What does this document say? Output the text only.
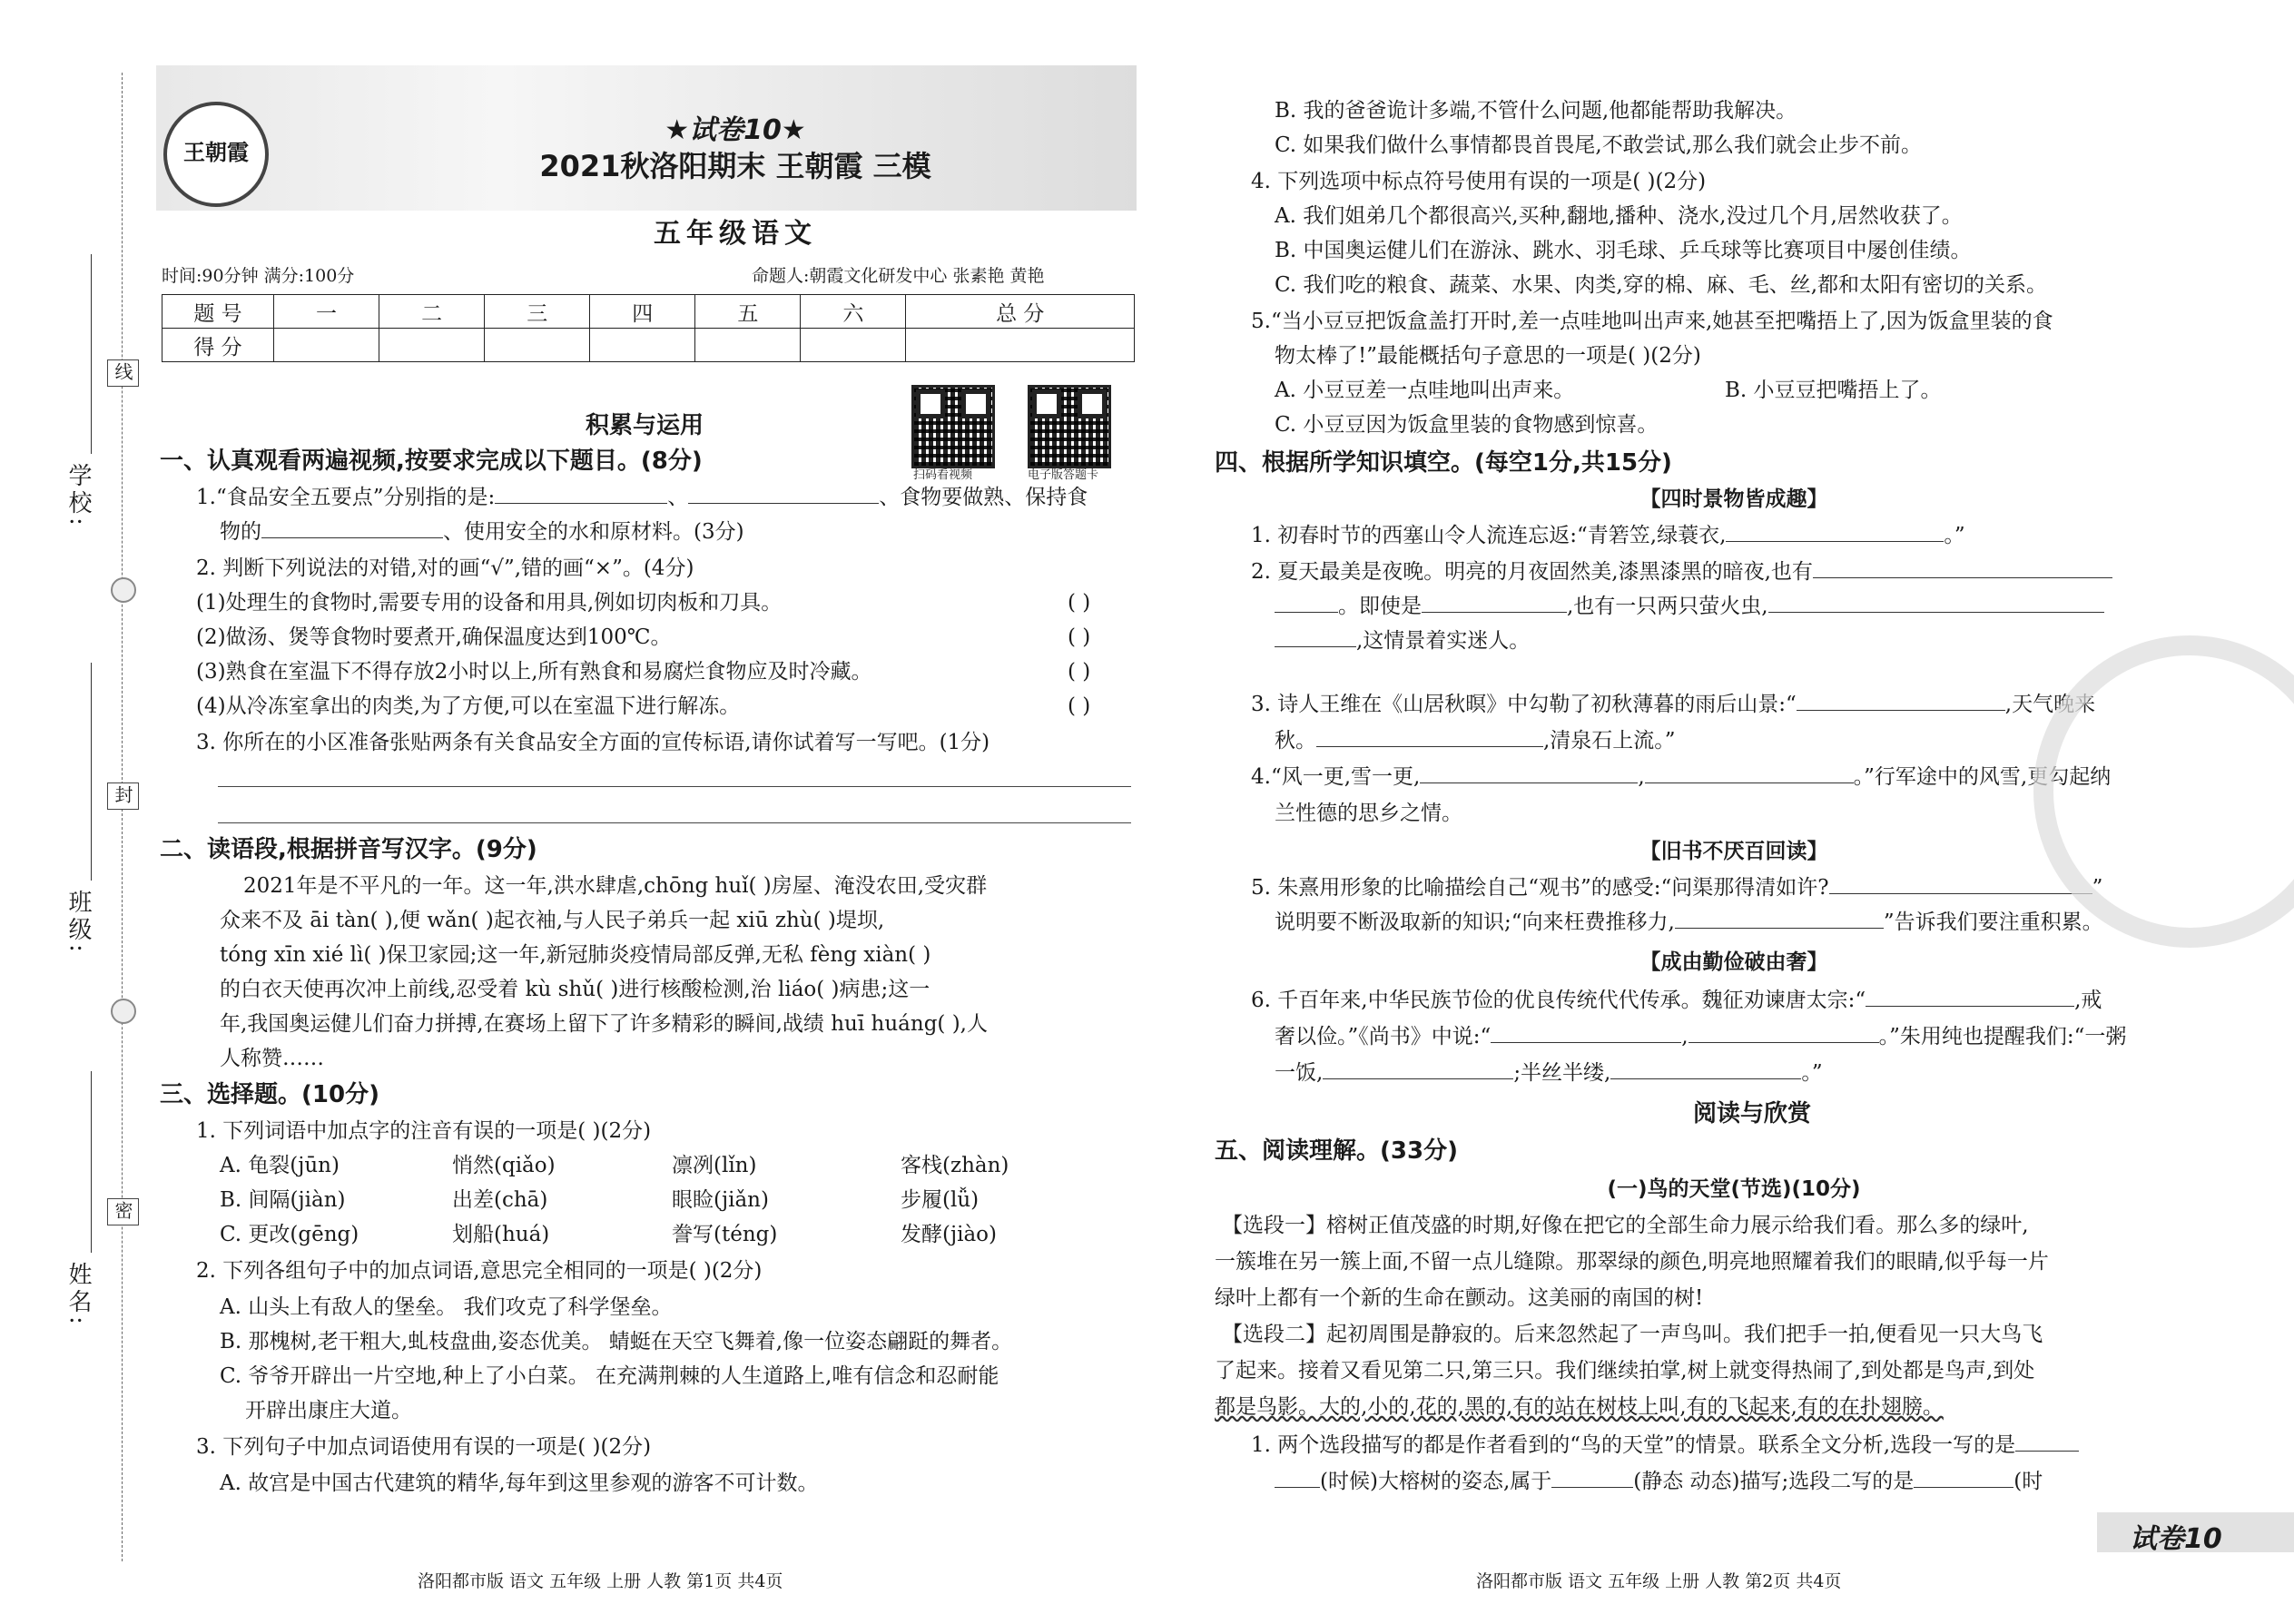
线
封
密
学校:
班级:
姓名:
王朝霞
★试卷10★
2021秋洛阳期末 王朝霞 三模
五年级语文
时间:90分钟 满分:100分	命题人:朝霞文化研发中心 张素艳 黄艳
题 号	一	二	三	四	五	六	总 分
得 分							
扫码看视频	电子版答题卡
积累与运用
一、认真观看两遍视频,按要求完成以下题目。(8分)
1.“食品安全五要点”分别指的是:	、	、食物要做熟、保持食
物的	、使用安全的水和原材料。(3分)
2. 判断下列说法的对错,对的画“√”,错的画“×”。(4分)
(1)处理生的食物时,需要专用的设备和用具,例如切肉板和刀具。	( )
(2)做汤、煲等食物时要煮开,确保温度达到100℃。	( )
(3)熟食在室温下不得存放2小时以上,所有熟食和易腐烂食物应及时冷藏。	( )
(4)从冷冻室拿出的肉类,为了方便,可以在室温下进行解冻。	( )
3. 你所在的小区准备张贴两条有关食品安全方面的宣传标语,请你试着写一写吧。(1分)
二、读语段,根据拼音写汉字。(9分)
2021年是不平凡的一年。这一年,洪水肆虐,chōng huǐ( )房屋、淹没农田,受灾群
众来不及 āi tàn( ),便 wǎn( )起衣袖,与人民子弟兵一起 xiū zhù( )堤坝,
tóng xīn xié lì( )保卫家园;这一年,新冠肺炎疫情局部反弹,无私 fèng xiàn( )
的白衣天使再次冲上前线,忍受着 kù shǔ( )进行核酸检测,治 liáo( )病患;这一
年,我国奥运健儿们奋力拼搏,在赛场上留下了许多精彩的瞬间,战绩 huī huáng( ),人
人称赞……
三、选择题。(10分)
1. 下列词语中加点字的注音有误的一项是( )(2分)
A. 龟裂(jūn)	悄然(qiǎo)	凛冽(lǐn)	客栈(zhàn)
B. 间隔(jiàn)	出差(chā)	眼睑(jiǎn)	步履(lǚ)
C. 更改(gēng)	划船(huá)	誊写(téng)	发酵(jiào)
2. 下列各组句子中的加点词语,意思完全相同的一项是( )(2分)
A. 山头上有敌人的堡垒。 我们攻克了科学堡垒。
B. 那槐树,老干粗大,虬枝盘曲,姿态优美。 蜻蜓在天空飞舞着,像一位姿态翩跹的舞者。
C. 爷爷开辟出一片空地,种上了小白菜。 在充满荆棘的人生道路上,唯有信念和忍耐能
开辟出康庄大道。
3. 下列句子中加点词语使用有误的一项是( )(2分)
A. 故宫是中国古代建筑的精华,每年到这里参观的游客不可计数。
洛阳都市版 语文 五年级 上册 人教 第1页 共4页
B. 我的爸爸诡计多端,不管什么问题,他都能帮助我解决。
C. 如果我们做什么事情都畏首畏尾,不敢尝试,那么我们就会止步不前。
4. 下列选项中标点符号使用有误的一项是( )(2分)
A. 我们姐弟几个都很高兴,买种,翻地,播种、浇水,没过几个月,居然收获了。
B. 中国奥运健儿们在游泳、跳水、羽毛球、乒乓球等比赛项目中屡创佳绩。
C. 我们吃的粮食、蔬菜、水果、肉类,穿的棉、麻、毛、丝,都和太阳有密切的关系。
5.“当小豆豆把饭盒盖打开时,差一点哇地叫出声来,她甚至把嘴捂上了,因为饭盒里装的食
物太棒了!”最能概括句子意思的一项是( )(2分)
A. 小豆豆差一点哇地叫出声来。	B. 小豆豆把嘴捂上了。
C. 小豆豆因为饭盒里装的食物感到惊喜。
四、根据所学知识填空。(每空1分,共15分)
【四时景物皆成趣】
1. 初春时节的西塞山令人流连忘返:“青箬笠,绿蓑衣,	。”
2. 夏天最美是夜晚。明亮的月夜固然美,漆黑漆黑的暗夜,也有
。即使是	,也有一只两只萤火虫,
,这情景着实迷人。
3. 诗人王维在《山居秋暝》中勾勒了初秋薄暮的雨后山景:“	,天气晚来
秋。	,清泉石上流。”
4.“风一更,雪一更,	,	。”行军途中的风雪,更勾起纳
兰性德的思乡之情。
【旧书不厌百回读】
5. 朱熹用形象的比喻描绘自己“观书”的感受:“问渠那得清如许?	”
说明要不断汲取新的知识;“向来枉费推移力,	”告诉我们要注重积累。
【成由勤俭破由奢】
6. 千百年来,中华民族节俭的优良传统代代传承。魏征劝谏唐太宗:“	,戒
奢以俭。”《尚书》中说:“	,	。”朱用纯也提醒我们:“一粥
一饭,	;半丝半缕,	。”
阅读与欣赏
五、阅读理解。(33分)
(一)鸟的天堂(节选)(10分)
【选段一】榕树正值茂盛的时期,好像在把它的全部生命力展示给我们看。那么多的绿叶,
一簇堆在另一簇上面,不留一点儿缝隙。那翠绿的颜色,明亮地照耀着我们的眼睛,似乎每一片
绿叶上都有一个新的生命在颤动。这美丽的南国的树!
【选段二】起初周围是静寂的。后来忽然起了一声鸟叫。我们把手一拍,便看见一只大鸟飞
了起来。接着又看见第二只,第三只。我们继续拍掌,树上就变得热闹了,到处都是鸟声,到处
都是鸟影。大的,小的,花的,黑的,有的站在树枝上叫,有的飞起来,有的在扑翅膀。
1. 两个选段描写的都是作者看到的“鸟的天堂”的情景。联系全文分析,选段一写的是
(时候)大榕树的姿态,属于	(静态 动态)描写;选段二写的是	(时
洛阳都市版 语文 五年级 上册 人教 第2页 共4页
试卷10
